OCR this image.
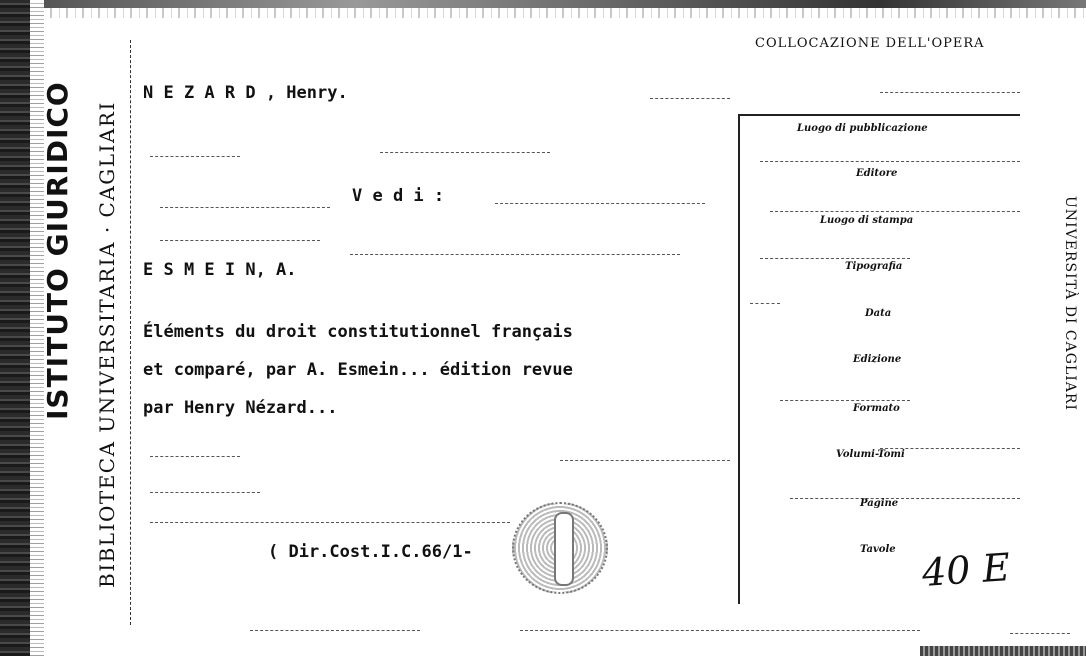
ISTITUTO GIURIDICO BIBLIOTECA UNIVERSITARIA · CAGLIARI	UNIVERSITÀ DI CAGLIARI
COLLOCAZIONE DELL'OPERA
Luogo di pubblicazione
Editore
Luogo di stampa
Tipografia
Data
Edizione
Formato
Volumi-Tomi
Pagine
Tavole
N E Z A R D , Henry.
V e d i :
E S M E I N, A.
Éléments du droit constitutionnel français
et comparé, par A. Esmein... édition revue
par Henry Nézard...
( Dir.Cost.I.C.66/1-	40 E
